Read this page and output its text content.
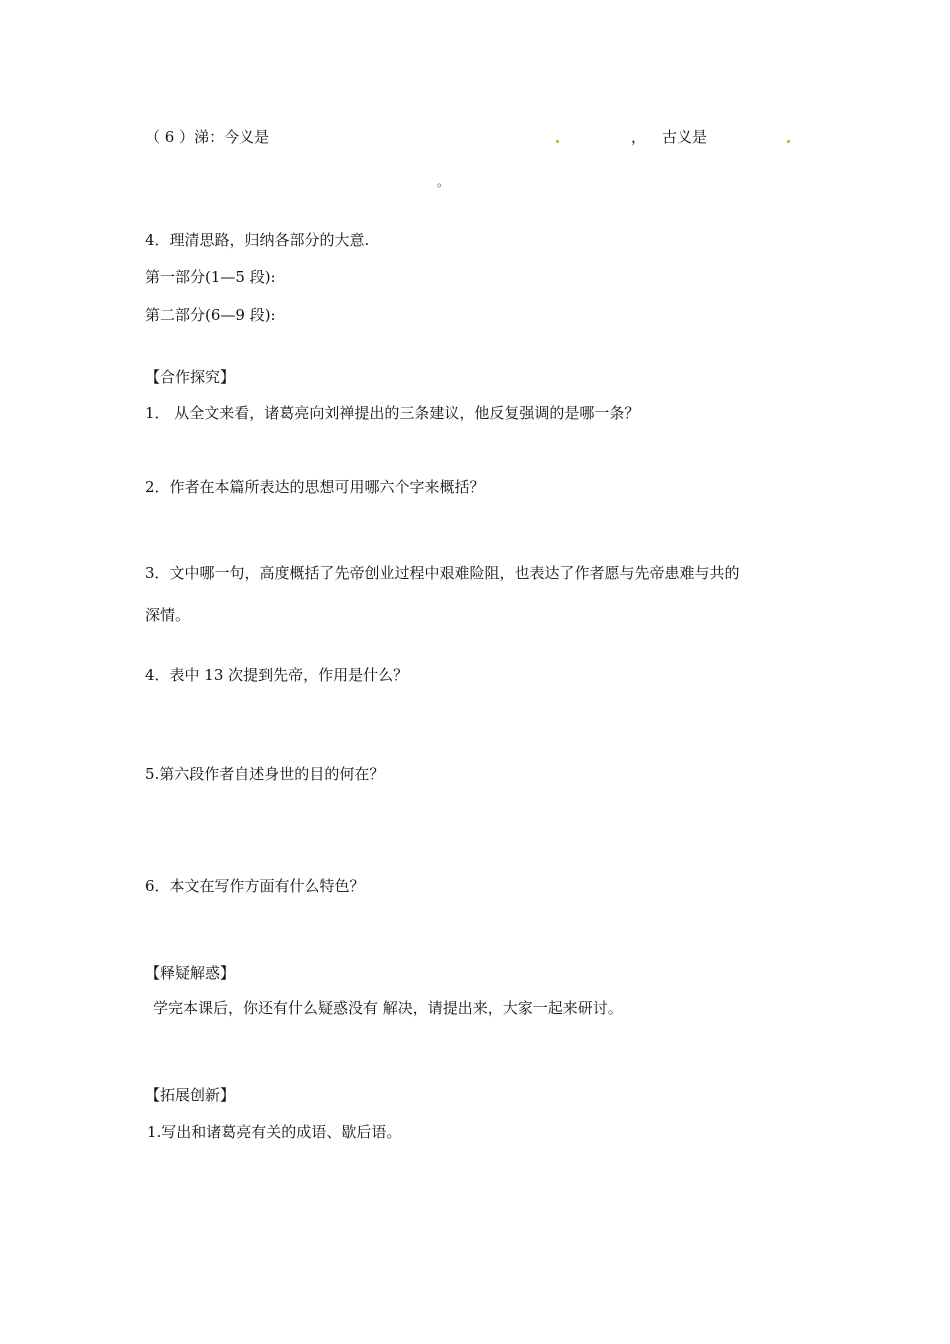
（ 6 ）涕：今义是	， 古义是
。
4．理清思路，归纳各部分的大意.
第一部分(1—5 段):
第二部分(6—9 段):
【合作探究】
1． 从全文来看，诸葛亮向刘禅提出的三条建议，他反复强调的是哪一条？
2．作者在本篇所表达的思想可用哪六个字来概括？
3．文中哪一句，高度概括了先帝创业过程中艰难险阻，也表达了作者愿与先帝患难与共的
深情。
4．表中 13 次提到先帝，作用是什么？
5.第六段作者自述身世的目的何在？
6．本文在写作方面有什么特色？
【释疑解惑】
学完本课后，你还有什么疑惑没有 解决，请提出来，大家一起来研讨。
【拓展创新】
1.写出和诸葛亮有关的成语、歇后语。
